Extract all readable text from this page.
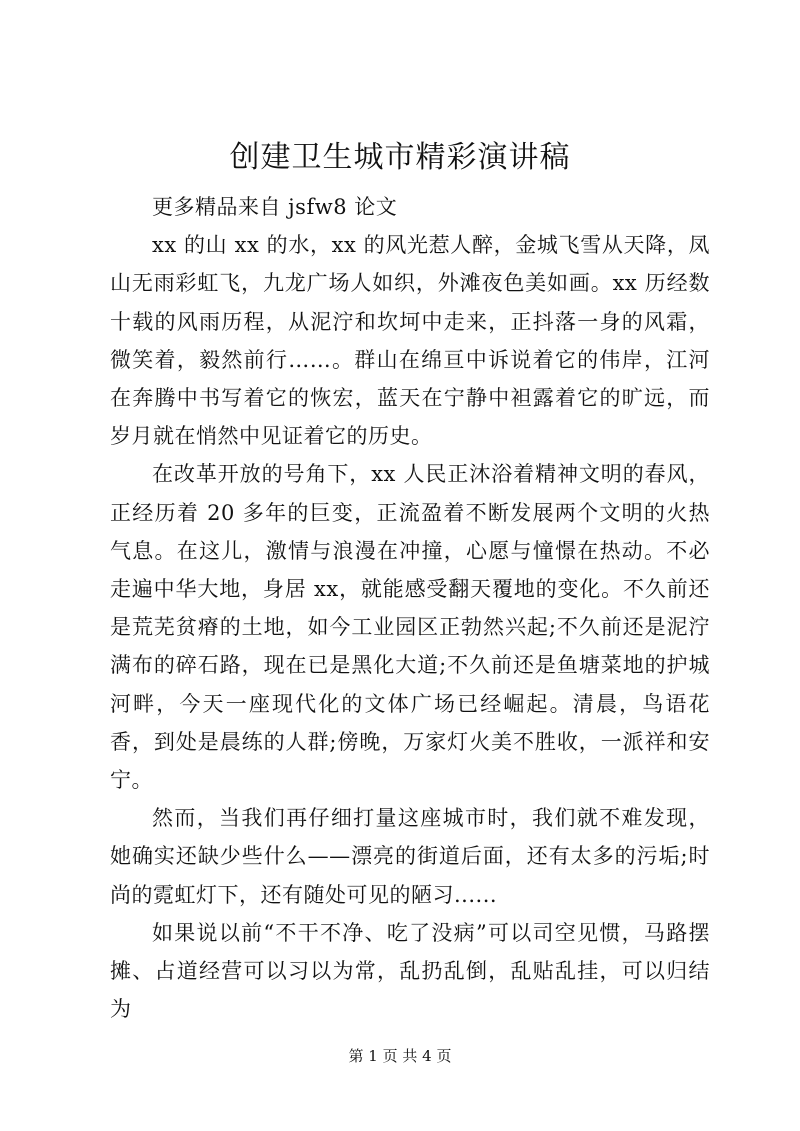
创建卫生城市精彩演讲稿

更多精品来自 jsfw8 论文

xx 的山 xx 的水，xx 的风光惹人醉，金城飞雪从天降，凤山无雨彩虹飞，九龙广场人如织，外滩夜色美如画。xx 历经数十载的风雨历程，从泥泞和坎坷中走来，正抖落一身的风霜，微笑着，毅然前行……。群山在绵亘中诉说着它的伟岸，江河在奔腾中书写着它的恢宏，蓝天在宁静中袒露着它的旷远，而岁月就在悄然中见证着它的历史。

在改革开放的号角下，xx 人民正沐浴着精神文明的春风，正经历着 20 多年的巨变，正流盈着不断发展两个文明的火热气息。在这儿，激情与浪漫在冲撞，心愿与憧憬在热动。不必走遍中华大地，身居 xx，就能感受翻天覆地的变化。不久前还是荒芜贫瘠的土地，如今工业园区正勃然兴起;不久前还是泥泞满布的碎石路，现在已是黑化大道;不久前还是鱼塘菜地的护城河畔，今天一座现代化的文体广场已经崛起。清晨，鸟语花香，到处是晨练的人群;傍晚，万家灯火美不胜收，一派祥和安宁。

然而，当我们再仔细打量这座城市时，我们就不难发现，她确实还缺少些什么——漂亮的街道后面，还有太多的污垢;时尚的霓虹灯下，还有随处可见的陋习......

如果说以前“不干不净、吃了没病”可以司空见惯，马路摆摊、占道经营可以习以为常，乱扔乱倒，乱贴乱挂，可以归结为

第 1 页 共 4 页
